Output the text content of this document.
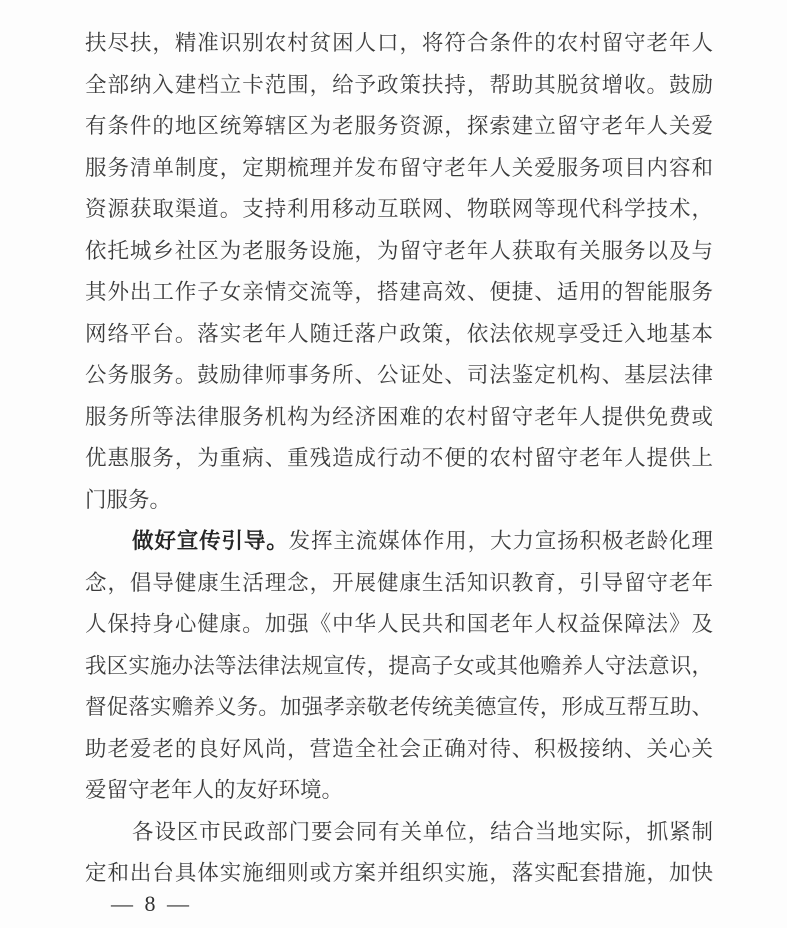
扶尽扶，精准识别农村贫困人口，将符合条件的农村留守老年人
全部纳入建档立卡范围，给予政策扶持，帮助其脱贫增收。鼓励
有条件的地区统筹辖区为老服务资源，探索建立留守老年人关爱
服务清单制度，定期梳理并发布留守老年人关爱服务项目内容和
资源获取渠道。支持利用移动互联网、物联网等现代科学技术，
依托城乡社区为老服务设施，为留守老年人获取有关服务以及与
其外出工作子女亲情交流等，搭建高效、便捷、适用的智能服务
网络平台。落实老年人随迁落户政策，依法依规享受迁入地基本
公务服务。鼓励律师事务所、公证处、司法鉴定机构、基层法律
服务所等法律服务机构为经济困难的农村留守老年人提供免费或
优惠服务，为重病、重残造成行动不便的农村留守老年人提供上
门服务。
做好宣传引导。发挥主流媒体作用，大力宣扬积极老龄化理
念，倡导健康生活理念，开展健康生活知识教育，引导留守老年
人保持身心健康。加强《中华人民共和国老年人权益保障法》及
我区实施办法等法律法规宣传，提高子女或其他赡养人守法意识，
督促落实赡养义务。加强孝亲敬老传统美德宣传，形成互帮互助、
助老爱老的良好风尚，营造全社会正确对待、积极接纳、关心关
爱留守老年人的友好环境。
各设区市民政部门要会同有关单位，结合当地实际，抓紧制
定和出台具体实施细则或方案并组织实施，落实配套措施，加快
— 8 —
